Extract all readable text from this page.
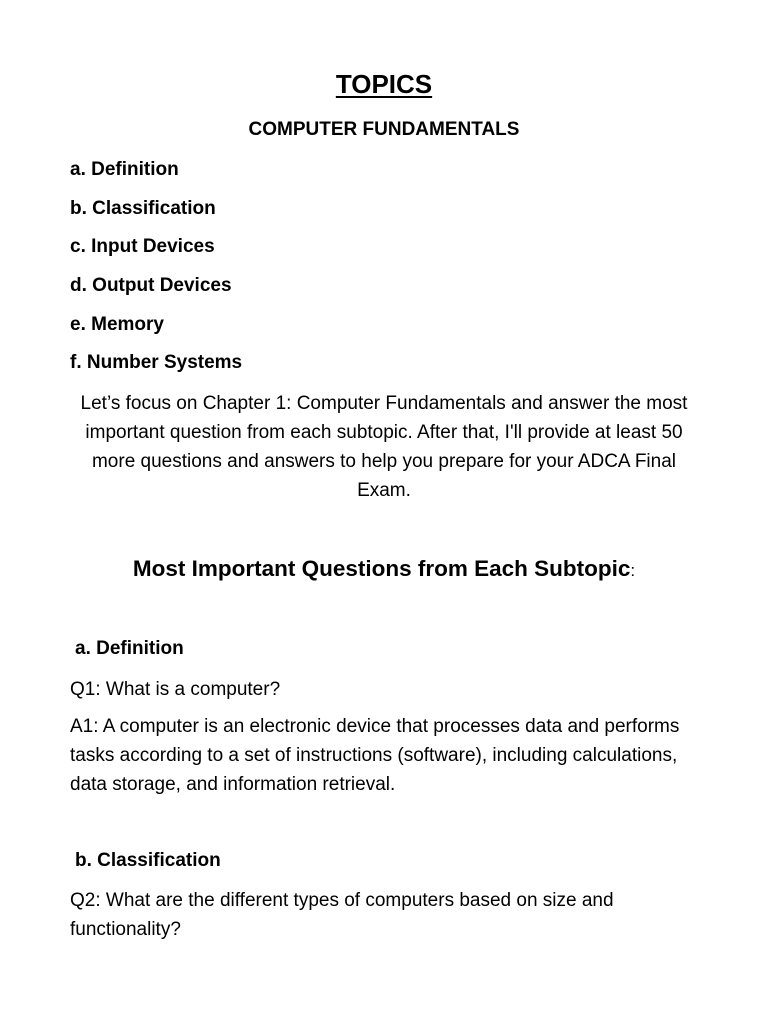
TOPICS
COMPUTER FUNDAMENTALS
a. Definition
b. Classification
c. Input Devices
d. Output Devices
e. Memory
f. Number Systems

Let’s focus on Chapter 1: Computer Fundamentals and answer the most important question from each subtopic. After that, I'll provide at least 50 more questions and answers to help you prepare for your ADCA Final Exam.

Most Important Questions from Each Subtopic:
a. Definition

Q1: What is a computer?

A1: A computer is an electronic device that processes data and performs tasks according to a set of instructions (software), including calculations, data storage, and information retrieval.

b. Classification

Q2: What are the different types of computers based on size and functionality?
